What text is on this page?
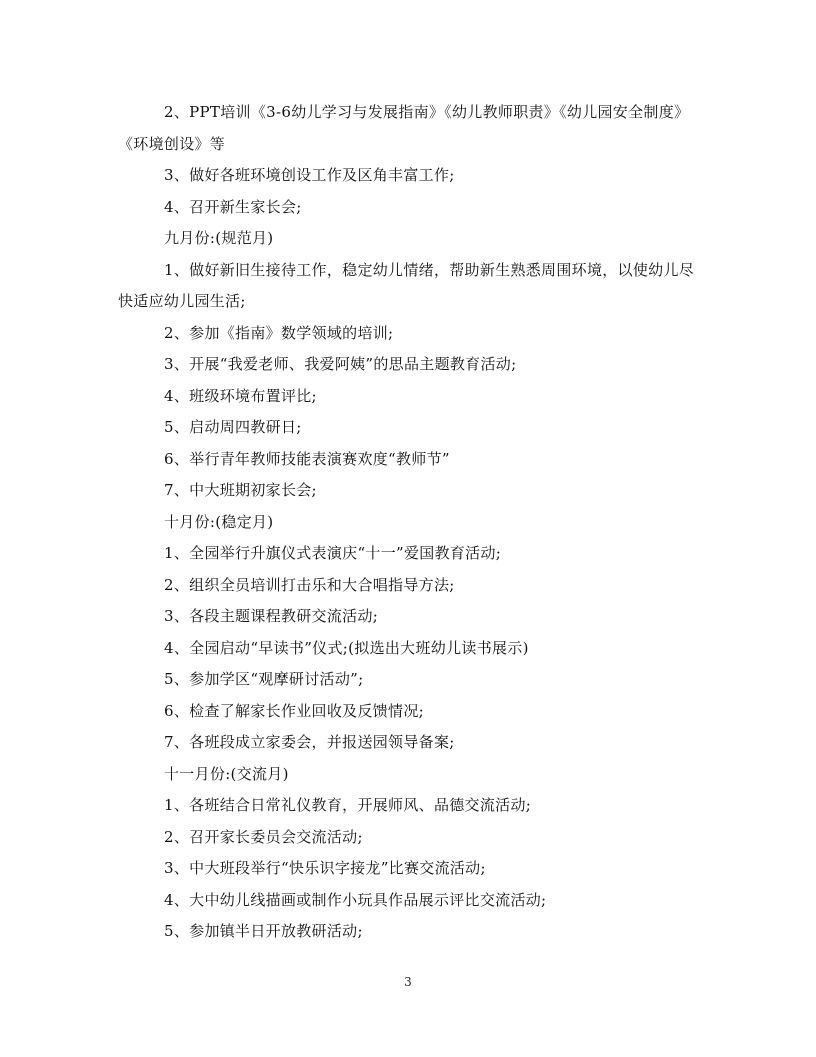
2、PPT培训《3-6幼儿学习与发展指南》《幼儿教师职责》《幼儿园安全制度》《环境创设》等

3、做好各班环境创设工作及区角丰富工作;

4、召开新生家长会;

九月份:(规范月)

1、做好新旧生接待工作，稳定幼儿情绪，帮助新生熟悉周围环境，以使幼儿尽快适应幼儿园生活;

2、参加《指南》数学领域的培训;

3、开展“我爱老师、我爱阿姨”的思品主题教育活动;

4、班级环境布置评比;

5、启动周四教研日;

6、举行青年教师技能表演赛欢度“教师节”

7、中大班期初家长会;

十月份:(稳定月)

1、全园举行升旗仪式表演庆“十一”爱国教育活动;

2、组织全员培训打击乐和大合唱指导方法;

3、各段主题课程教研交流活动;

4、全园启动“早读书”仪式;(拟选出大班幼儿读书展示)

5、参加学区“观摩研讨活动”;

6、检查了解家长作业回收及反馈情况;

7、各班段成立家委会，并报送园领导备案;

十一月份:(交流月)

1、各班结合日常礼仪教育，开展师风、品德交流活动;

2、召开家长委员会交流活动;

3、中大班段举行“快乐识字接龙”比赛交流活动;

4、大中幼儿线描画或制作小玩具作品展示评比交流活动;

5、参加镇半日开放教研活动;

3
